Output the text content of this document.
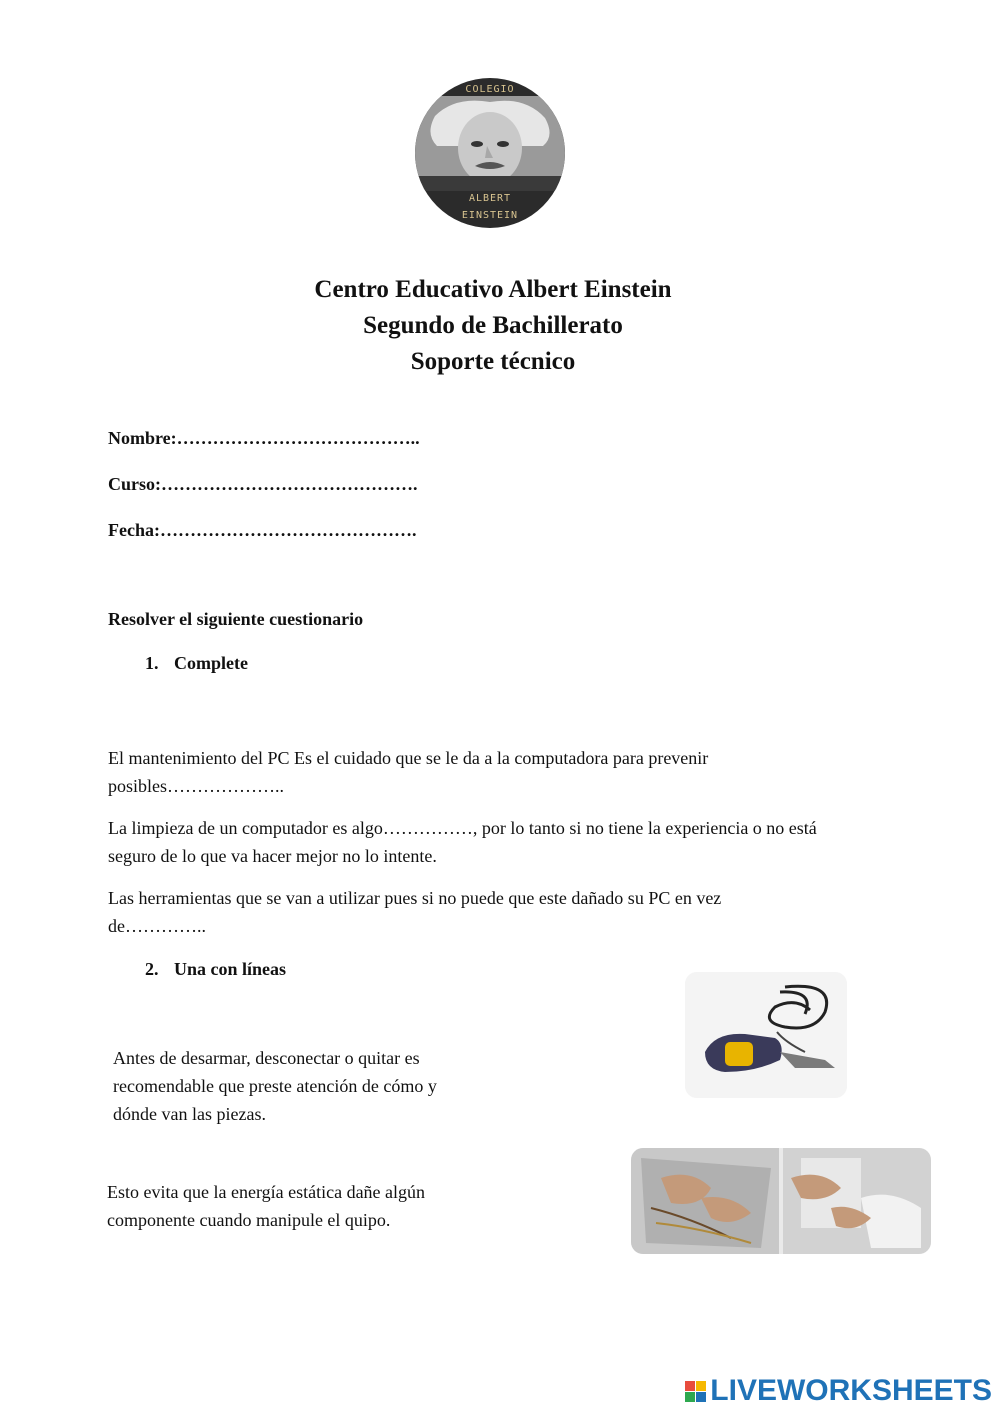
COLEGIO
ALBERT
EINSTEIN
Centro Educativo Albert Einstein
Segundo de Bachillerato
Soporte técnico
Nombre:…………………………………..
Curso:…………………………………….
Fecha:…………………………………….
Resolver el siguiente cuestionario
1. Complete
El mantenimiento del PC Es el cuidado que se le da a la computadora para prevenir
posibles………………..
La limpieza de un computador es algo……………, por lo tanto si no tiene la experiencia o no está
seguro de lo que va hacer mejor no lo intente.
Las herramientas que se van a utilizar pues si no puede que este dañado su PC en vez
de…………..
2. Una con líneas
Antes de desarmar, desconectar o quitar es
recomendable que preste atención de cómo y
dónde van las piezas.
Esto evita que la energía estática dañe algún
componente cuando manipule el quipo.
LIVEWORKSHEETS
